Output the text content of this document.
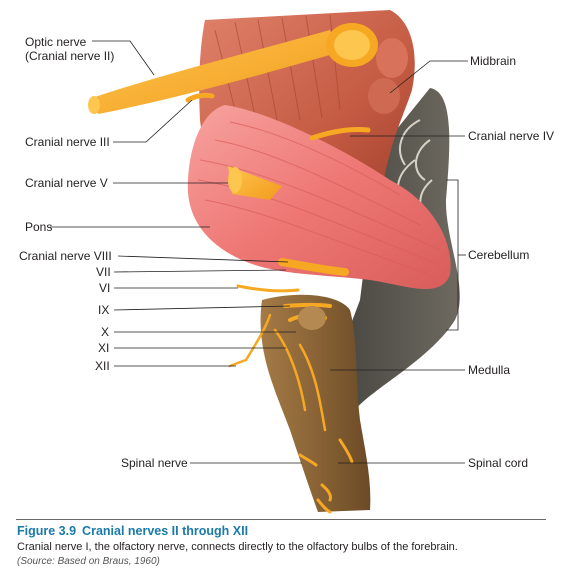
Optic nerve
(Cranial nerve II)
Cranial nerve III
Cranial nerve V
Pons
Cranial nerve VIII
VII
VI
IX
X
XI
XII
Spinal nerve
Midbrain
Cranial nerve IV
Cerebellum
Medulla
Spinal cord
Figure 3.9 Cranial nerves II through XII
Cranial nerve I, the olfactory nerve, connects directly to the olfactory bulbs of the forebrain.
(Source: Based on Braus, 1960)
